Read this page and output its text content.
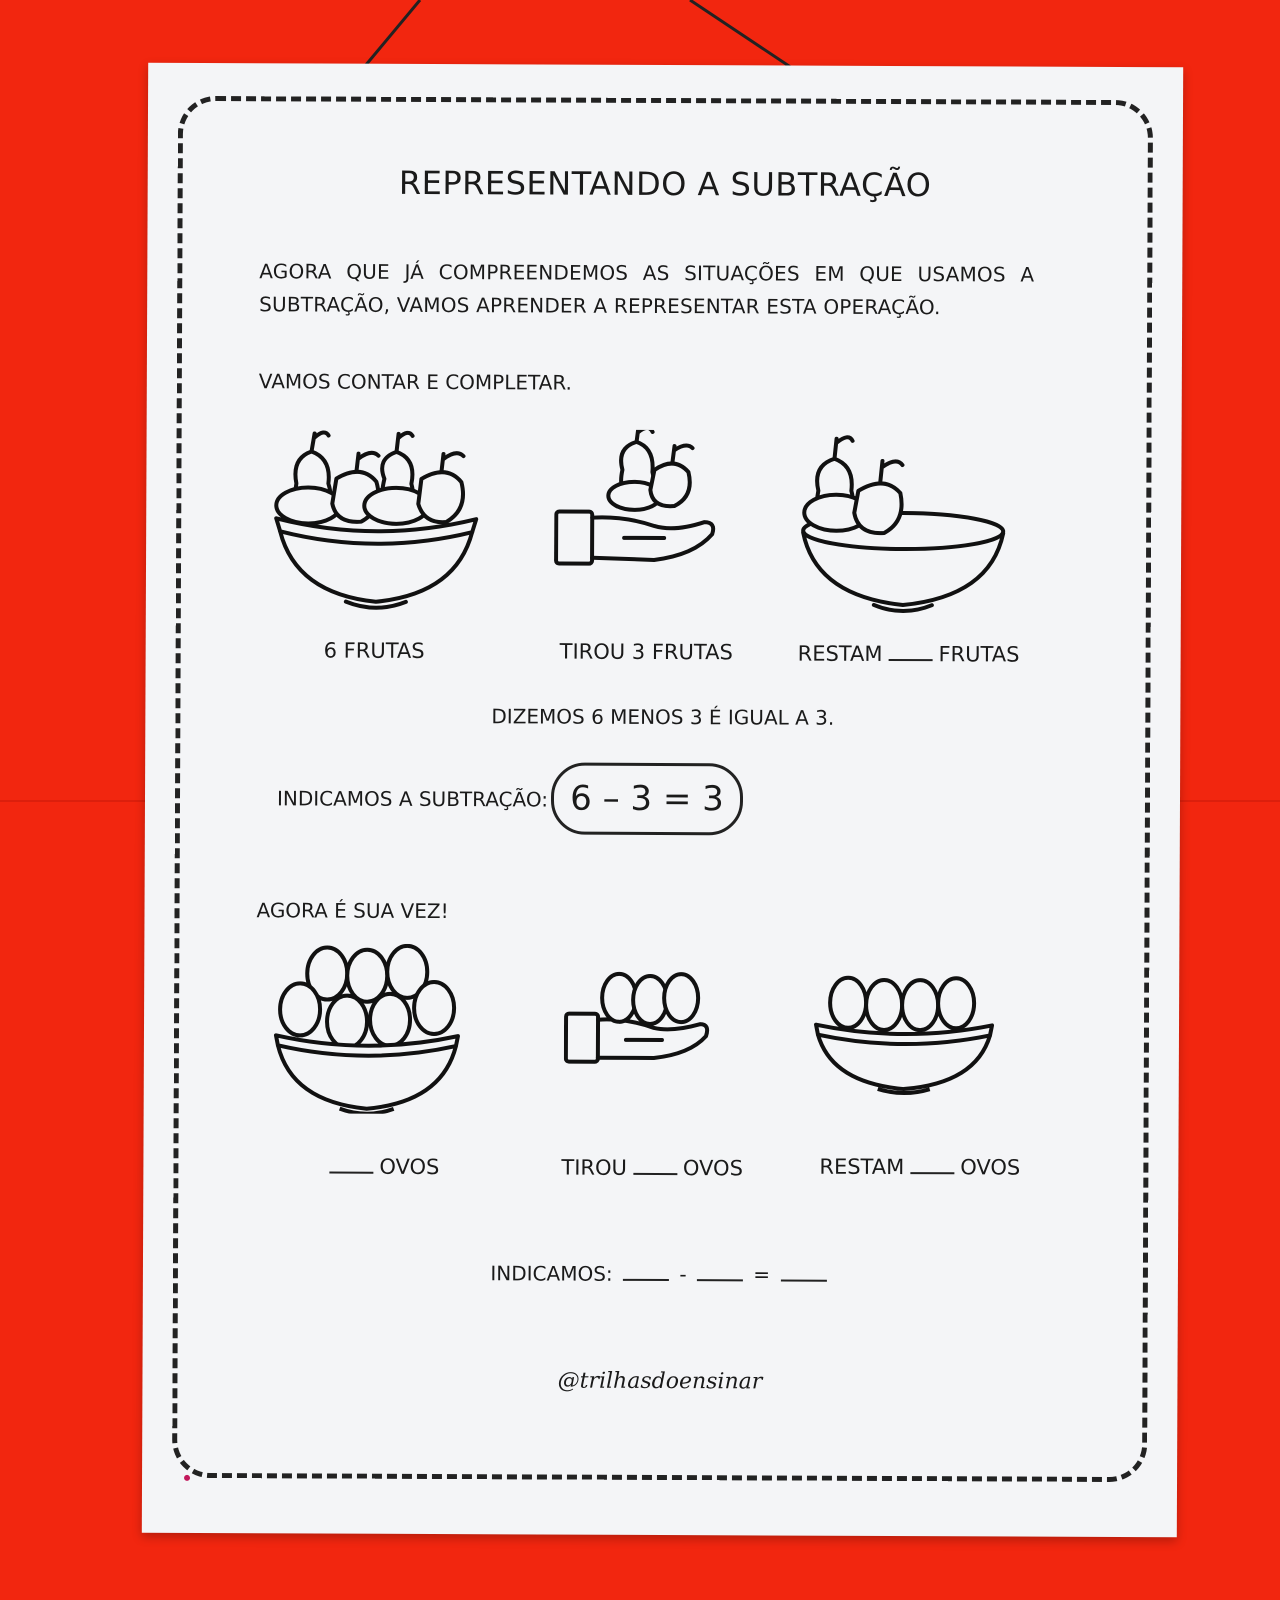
REPRESENTANDO A SUBTRAÇÃO
AGORA QUE JÁ COMPREENDEMOS AS SITUAÇÕES EM QUE USAMOS A SUBTRAÇÃO, VAMOS APRENDER A REPRESENTAR ESTA OPERAÇÃO.
VAMOS CONTAR E COMPLETAR.
6 FRUTAS	TIROU 3 FRUTAS	RESTAM	FRUTAS
DIZEMOS 6 MENOS 3 É IGUAL A 3.
INDICAMOS A SUBTRAÇÃO: 6 – 3 = 3
AGORA É SUA VEZ!
OVOS	TIROU	OVOS	RESTAM	OVOS
INDICAMOS:	-	=
@trilhasdoensinar
